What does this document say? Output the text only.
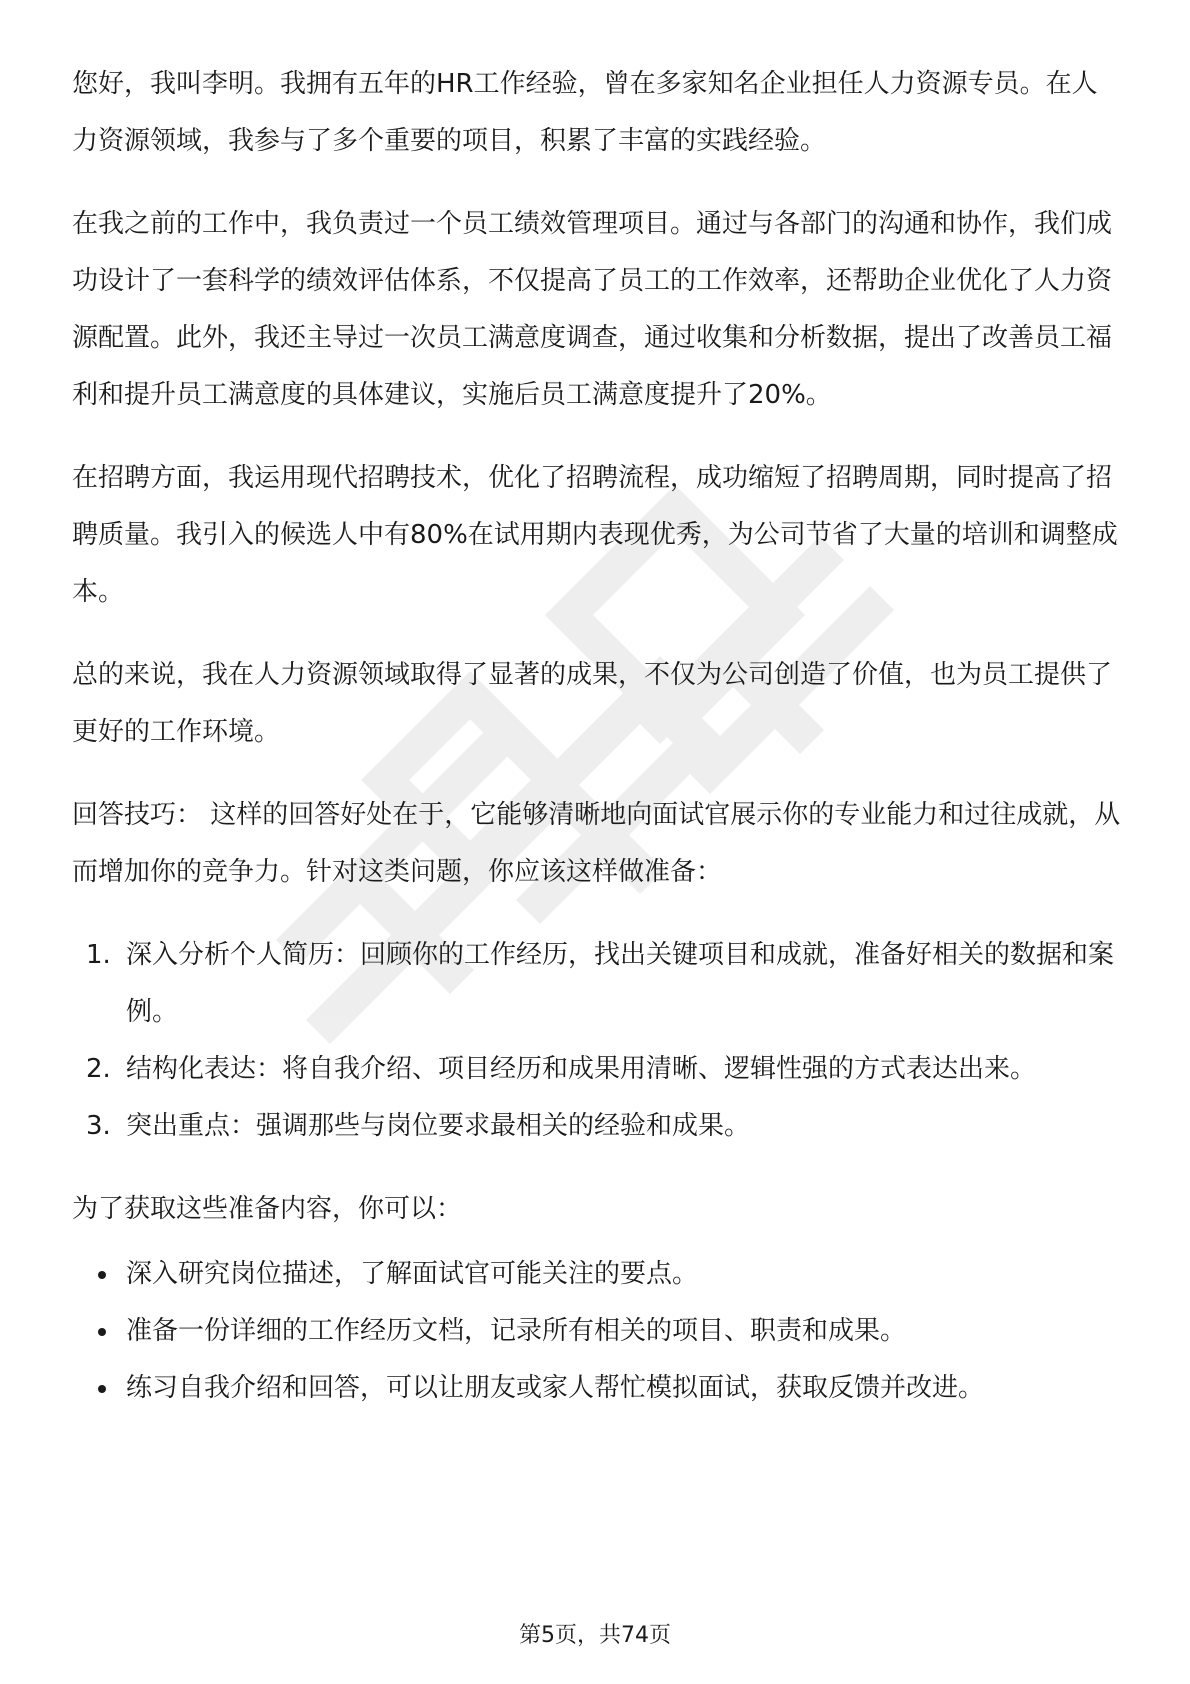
您好，我叫李明。我拥有五年的HR工作经验，曾在多家知名企业担任人力资源专员。在人力资源领域，我参与了多个重要的项目，积累了丰富的实践经验。

在我之前的工作中，我负责过一个员工绩效管理项目。通过与各部门的沟通和协作，我们成功设计了一套科学的绩效评估体系，不仅提高了员工的工作效率，还帮助企业优化了人力资源配置。此外，我还主导过一次员工满意度调查，通过收集和分析数据，提出了改善员工福利和提升员工满意度的具体建议，实施后员工满意度提升了20%。

在招聘方面，我运用现代招聘技术，优化了招聘流程，成功缩短了招聘周期，同时提高了招聘质量。我引入的候选人中有80%在试用期内表现优秀，为公司节省了大量的培训和调整成本。

总的来说，我在人力资源领域取得了显著的成果，不仅为公司创造了价值，也为员工提供了更好的工作环境。

回答技巧： 这样的回答好处在于，它能够清晰地向面试官展示你的专业能力和过往成就，从而增加你的竞争力。针对这类问题，你应该这样做准备：

1. 深入分析个人简历：回顾你的工作经历，找出关键项目和成就，准备好相关的数据和案例。
2. 结构化表达：将自我介绍、项目经历和成果用清晰、逻辑性强的方式表达出来。
3. 突出重点：强调那些与岗位要求最相关的经验和成果。

为了获取这些准备内容，你可以：

深入研究岗位描述，了解面试官可能关注的要点。
准备一份详细的工作经历文档，记录所有相关的项目、职责和成果。
练习自我介绍和回答，可以让朋友或家人帮忙模拟面试，获取反馈并改进。
第5页，共74页
